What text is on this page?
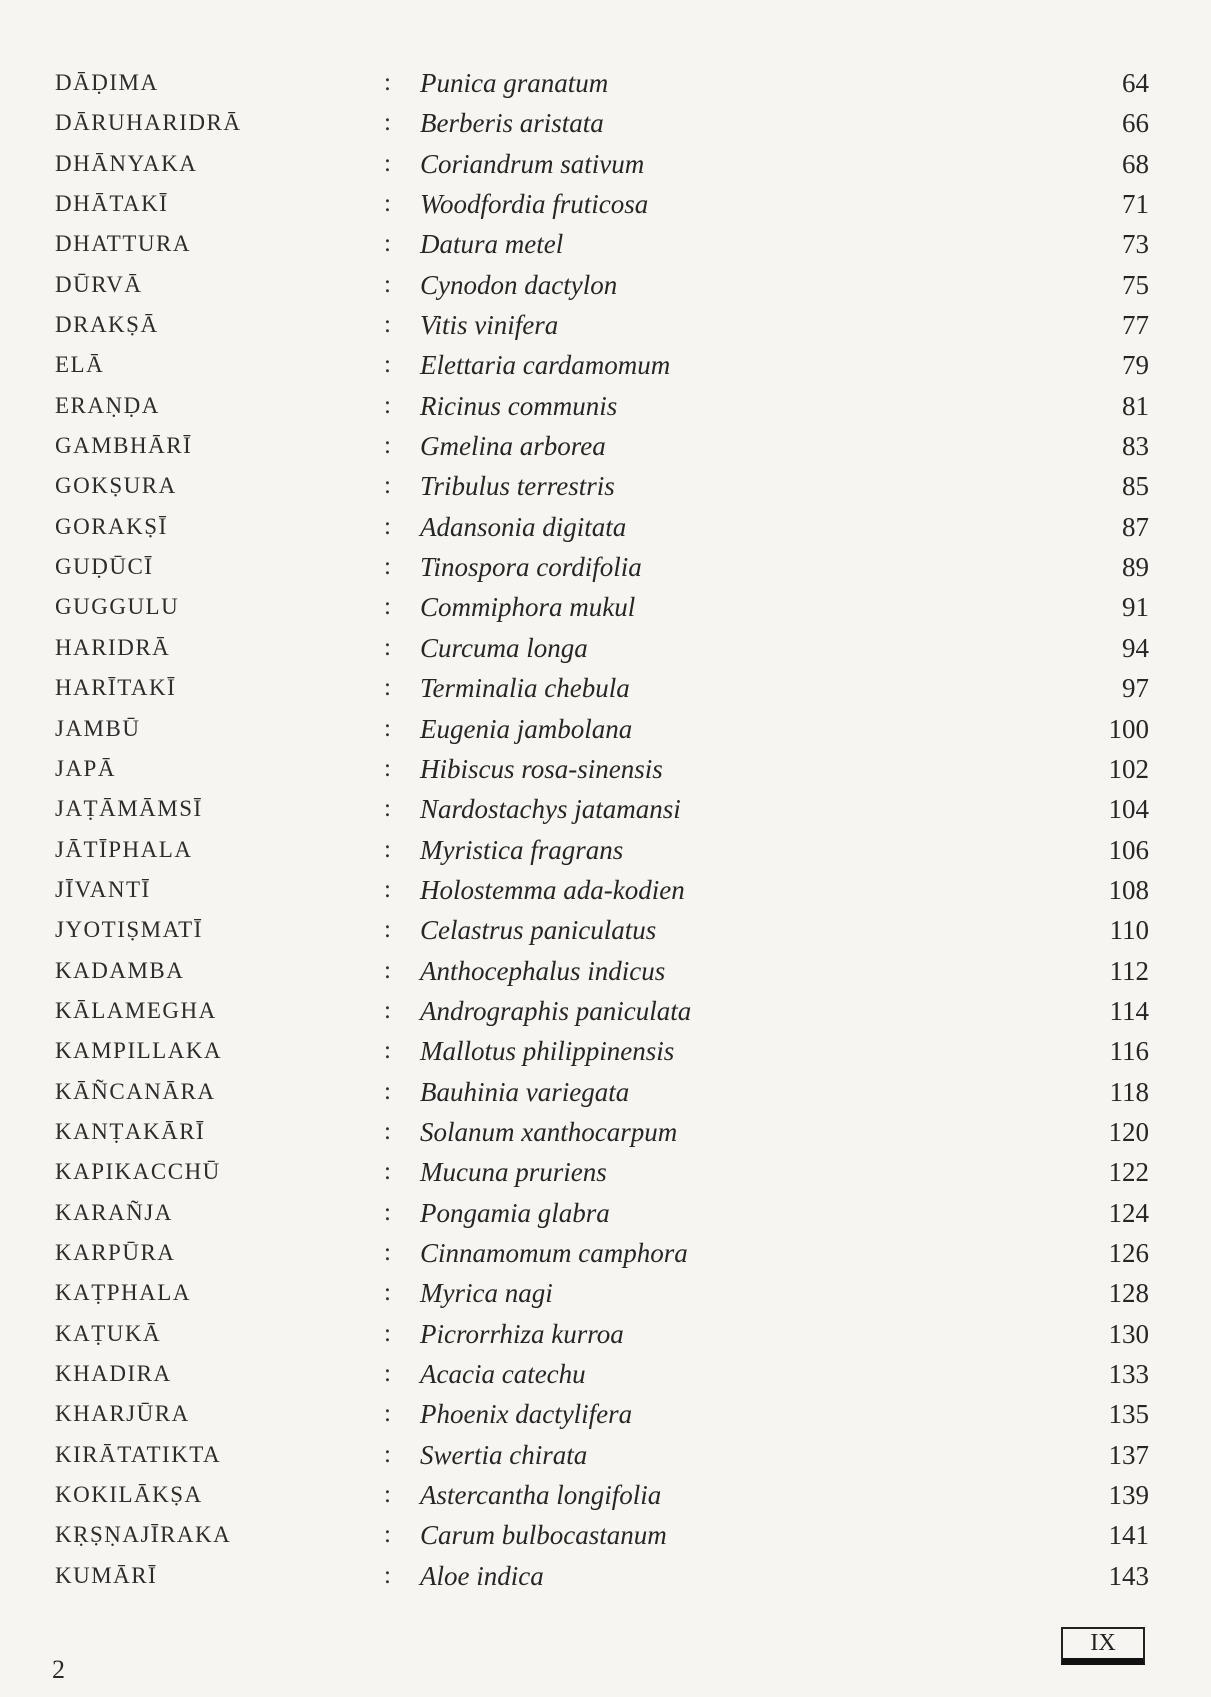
DĀḌIMA	: Punica granatum	64
DĀRUHARIDRĀ	: Berberis aristata	66
DHĀNYAKA	: Coriandrum sativum	68
DHĀTAKĪ	: Woodfordia fruticosa	71
DHATTURA	: Datura metel	73
DŪRVĀ	: Cynodon dactylon	75
DRAKṢĀ	: Vitis vinifera	77
ELĀ	: Elettaria cardamomum	79
ERAṆḌA	: Ricinus communis	81
GAMBHĀRĪ	: Gmelina arborea	83
GOKṢURA	: Tribulus terrestris	85
GORAKṢĪ	: Adansonia digitata	87
GUḌŪCĪ	: Tinospora cordifolia	89
GUGGULU	: Commiphora mukul	91
HARIDRĀ	: Curcuma longa	94
HARĪTAKĪ	: Terminalia chebula	97
JAMBŪ	: Eugenia jambolana	100
JAPĀ	: Hibiscus rosa-sinensis	102
JAṬĀMĀMSĪ	: Nardostachys jatamansi	104
JĀTĪPHALA	: Myristica fragrans	106
JĪVANTĪ	: Holostemma ada-kodien	108
JYOTIṢMATĪ	: Celastrus paniculatus	110
KADAMBA	: Anthocephalus indicus	112
KĀLAMEGHA	: Andrographis paniculata	114
KAMPILLAKA	: Mallotus philippinensis	116
KĀÑCANĀRA	: Bauhinia variegata	118
KANṬAKĀRĪ	: Solanum xanthocarpum	120
KAPIKACCHŪ	: Mucuna pruriens	122
KARAÑJA	: Pongamia glabra	124
KARPŪRA	: Cinnamomum camphora	126
KAṬPHALA	: Myrica nagi	128
KAṬUKĀ	: Picrorrhiza kurroa	130
KHADIRA	: Acacia catechu	133
KHARJŪRA	: Phoenix dactylifera	135
KIRĀTATIKTA	: Swertia chirata	137
KOKILĀKṢA	: Astercantha longifolia	139
KṚṢṆAJĪRAKA	: Carum bulbocastanum	141
KUMĀRĪ	: Aloe indica	143
2
IX
